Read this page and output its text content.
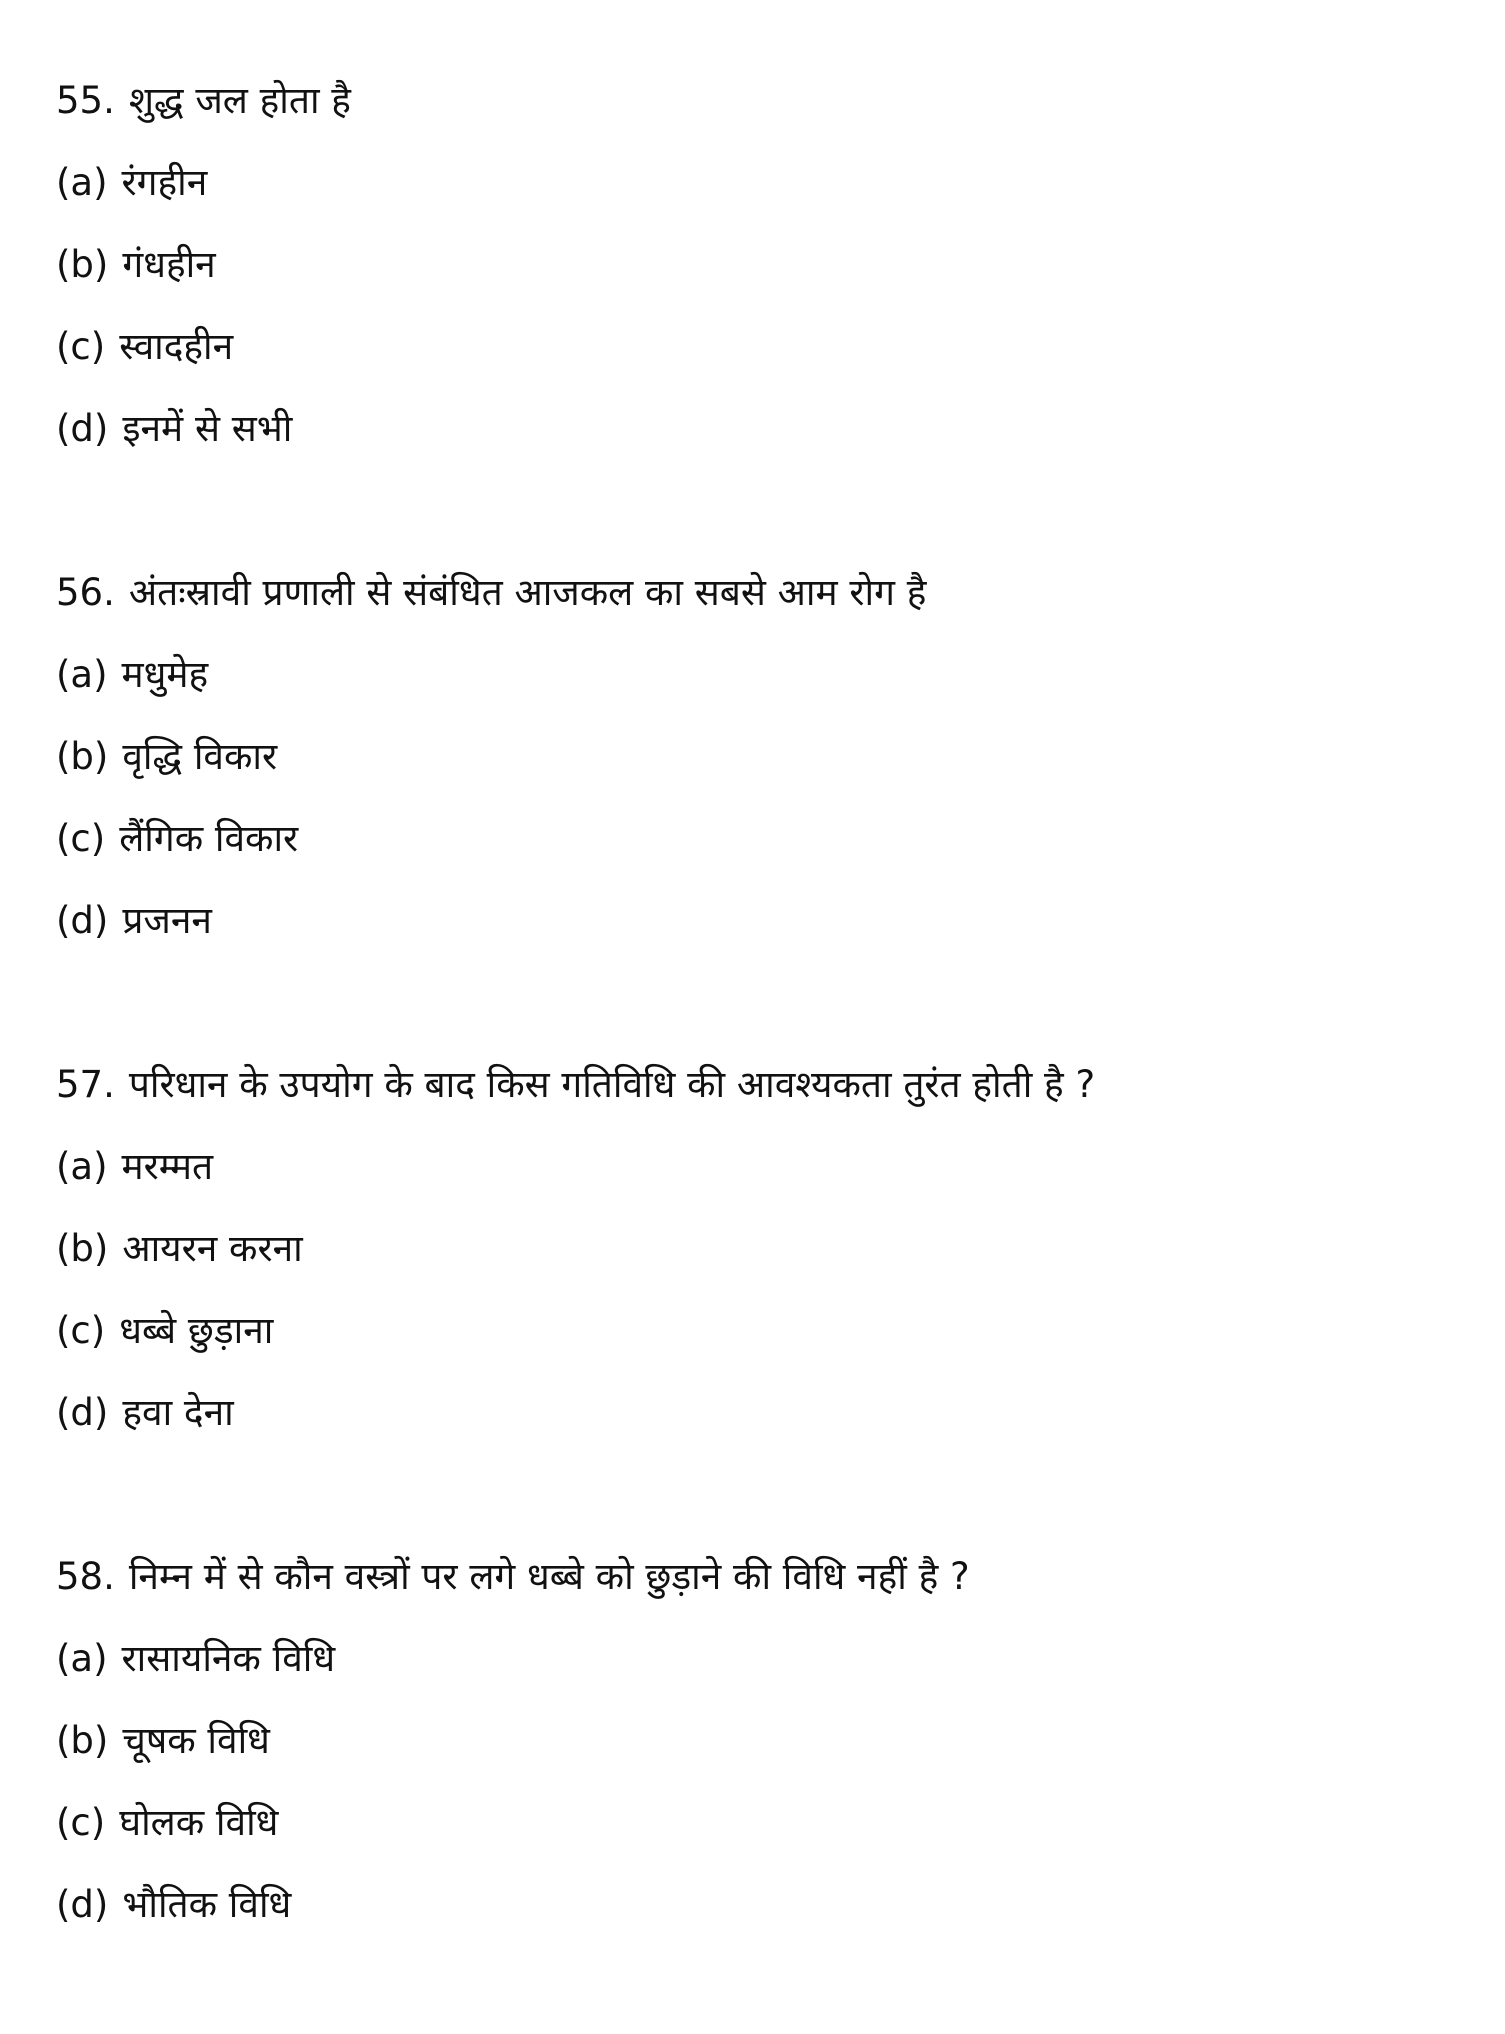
55. शुद्ध जल होता है
(a) रंगहीन
(b) गंधहीन
(c) स्वादहीन
(d) इनमें से सभी
56. अंतःस्रावी प्रणाली से संबंधित आजकल का सबसे आम रोग है
(a) मधुमेह
(b) वृद्धि विकार
(c) लैंगिक विकार
(d) प्रजनन
57. परिधान के उपयोग के बाद किस गतिविधि की आवश्यकता तुरंत होती है ?
(a) मरम्मत
(b) आयरन करना
(c) धब्बे छुड़ाना
(d) हवा देना
58. निम्न में से कौन वस्त्रों पर लगे धब्बे को छुड़ाने की विधि नहीं है ?
(a) रासायनिक विधि
(b) चूषक विधि
(c) घोलक विधि
(d) भौतिक विधि
